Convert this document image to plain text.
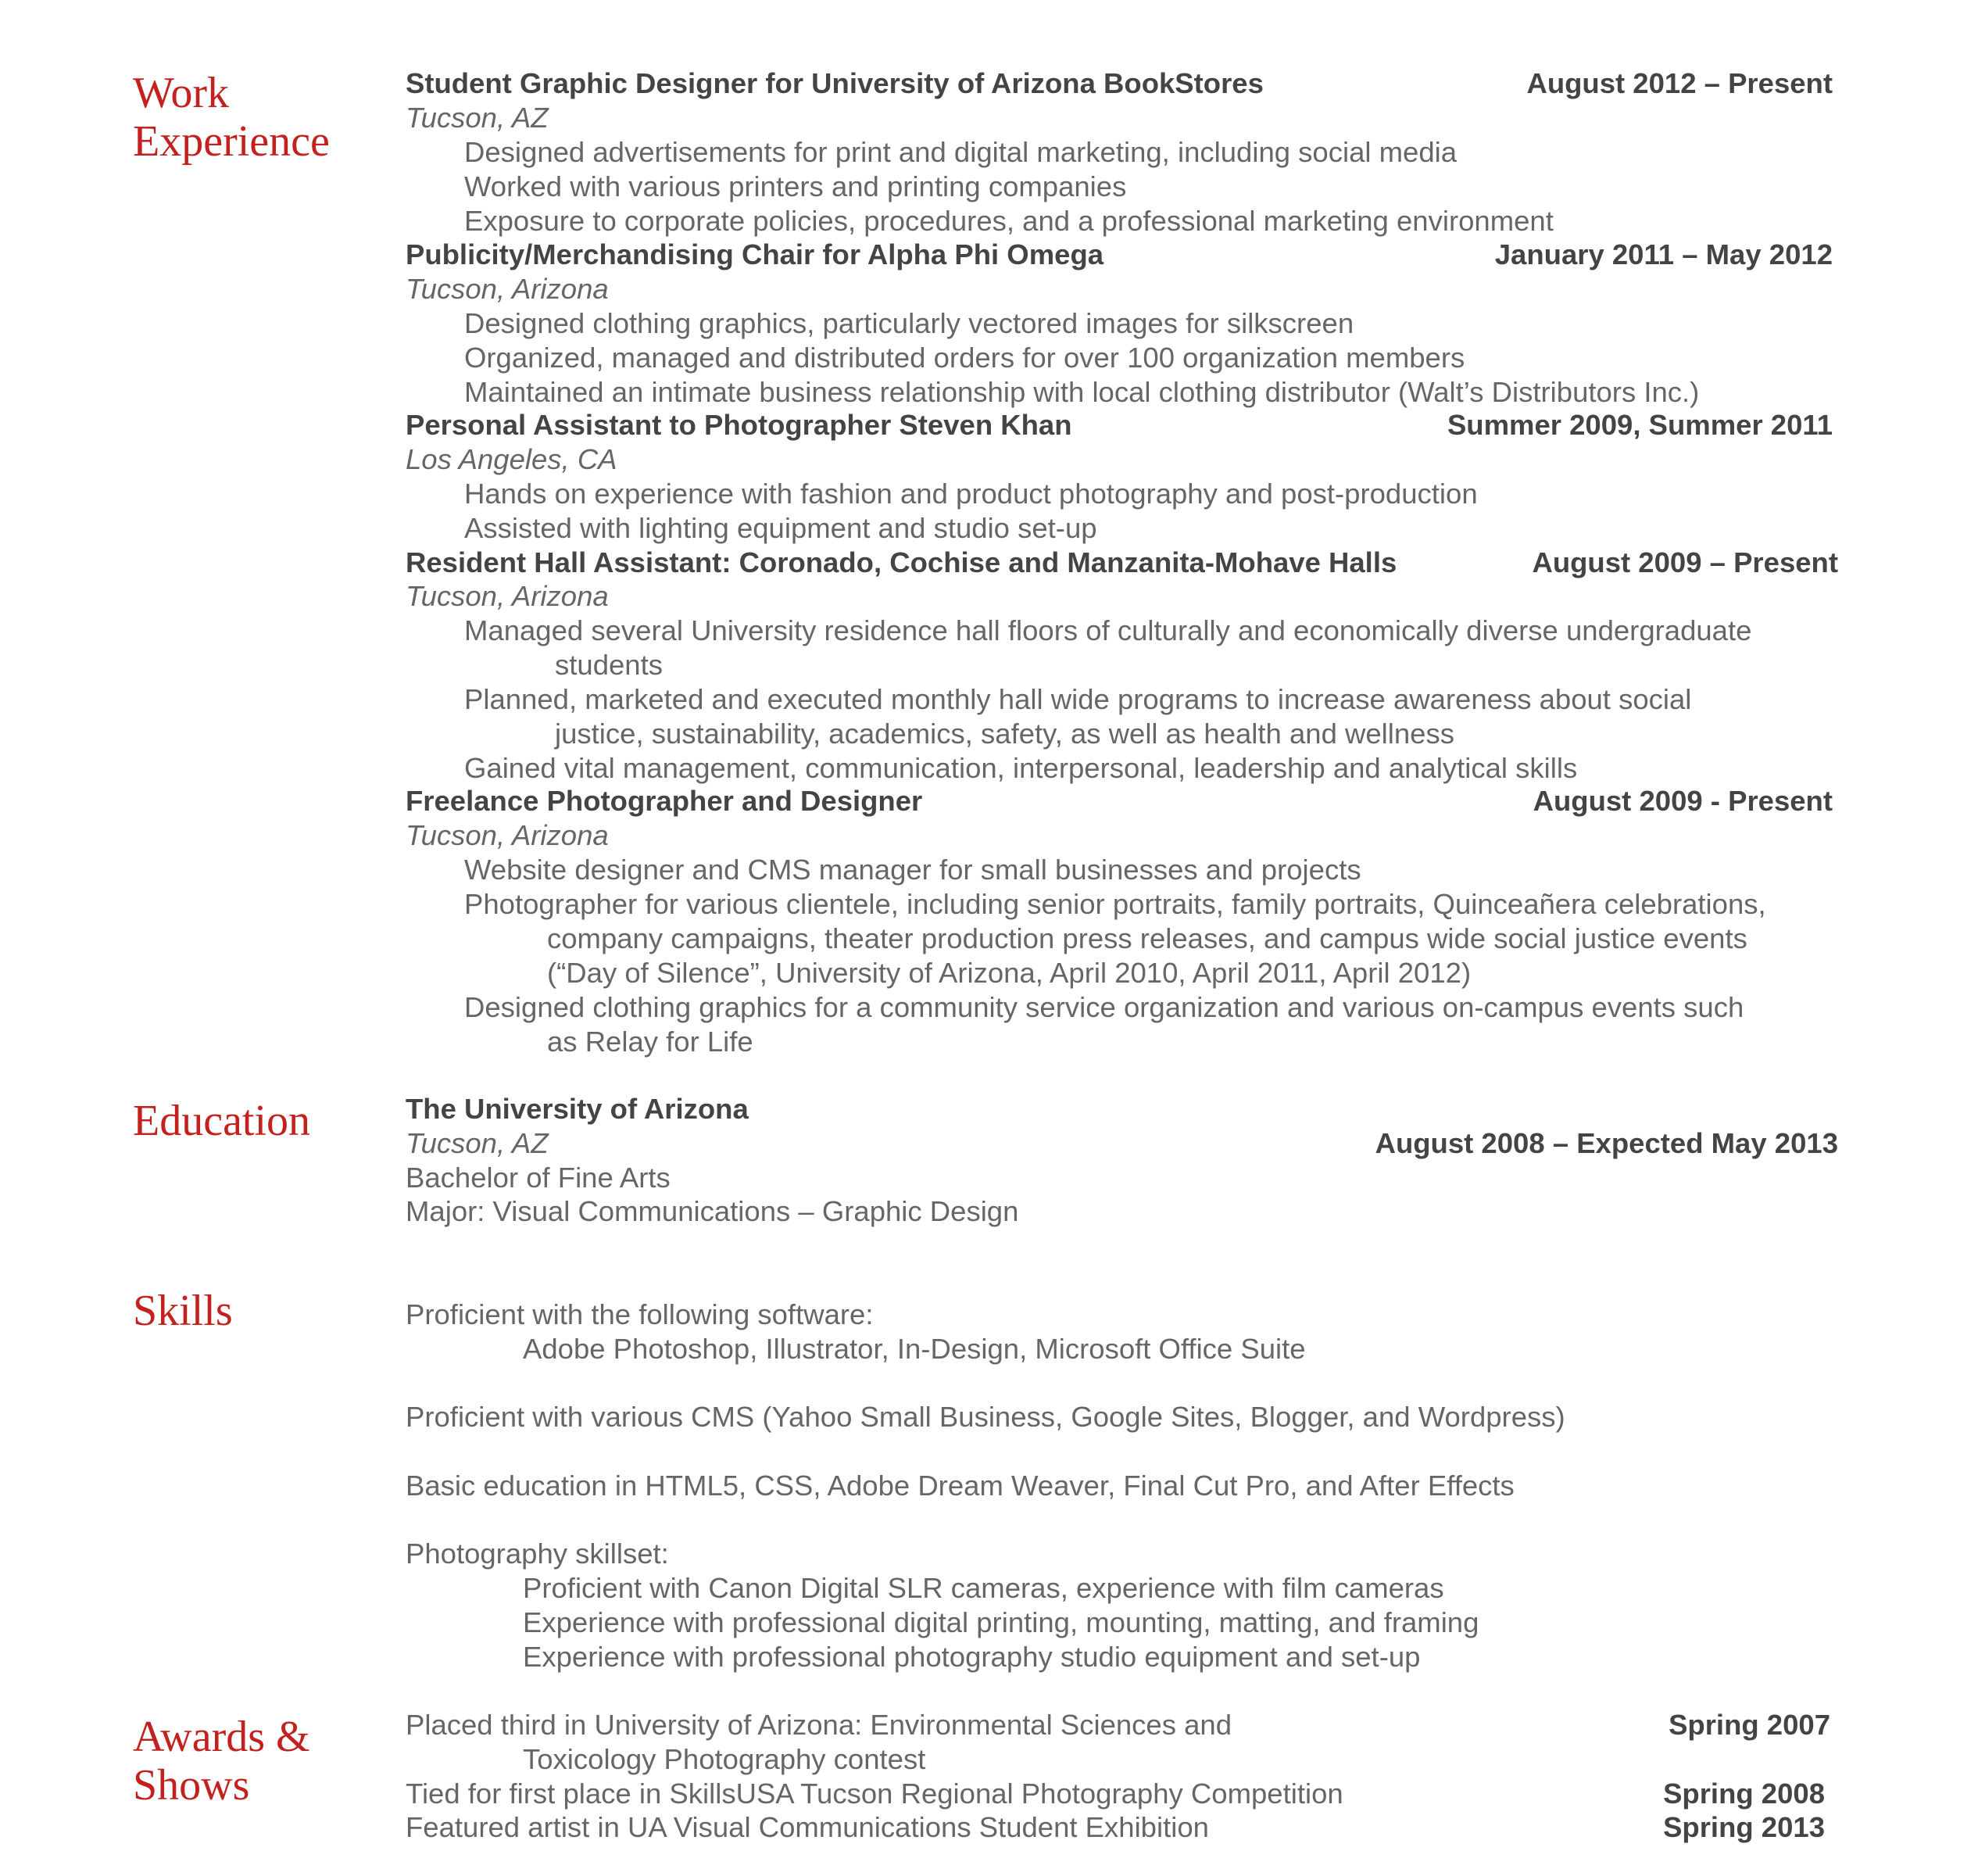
Work
Experience
Education
Skills
Awards &
Shows
Student Graphic Designer for University of Arizona BookStores	August 2012 – Present
Tucson, AZ
Designed advertisements for print and digital marketing, including social media
Worked with various printers and printing companies
Exposure to corporate policies, procedures, and a professional marketing environment
Publicity/Merchandising Chair for Alpha Phi Omega	January 2011 – May 2012
Tucson, Arizona
Designed clothing graphics, particularly vectored images for silkscreen
Organized, managed and distributed orders for over 100 organization members
Maintained an intimate business relationship with local clothing distributor (Walt’s Distributors Inc.)
Personal Assistant to Photographer Steven Khan	Summer 2009, Summer 2011
Los Angeles, CA
Hands on experience with fashion and product photography and post-production
Assisted with lighting equipment and studio set-up
Resident Hall Assistant: Coronado, Cochise and Manzanita-Mohave Halls	August 2009 – Present
Tucson, Arizona
Managed several University residence hall floors of culturally and economically diverse undergraduate
students
Planned, marketed and executed monthly hall wide programs to increase awareness about social
justice, sustainability, academics, safety, as well as health and wellness
Gained vital management, communication, interpersonal, leadership and analytical skills
Freelance Photographer and Designer	August 2009 - Present
Tucson, Arizona
Website designer and CMS manager for small businesses and projects
Photographer for various clientele, including senior portraits, family portraits, Quinceañera celebrations,
company campaigns, theater production press releases, and campus wide social justice events
(“Day of Silence”, University of Arizona, April 2010, April 2011, April 2012)
Designed clothing graphics for a community service organization and various on-campus events such
as Relay for Life
The University of Arizona
Tucson, AZ	August 2008 – Expected May 2013
Bachelor of Fine Arts
Major: Visual Communications – Graphic Design
Proficient with the following software:
Adobe Photoshop, Illustrator, In-Design, Microsoft Office Suite
Proficient with various CMS (Yahoo Small Business, Google Sites, Blogger, and Wordpress)
Basic education in HTML5, CSS, Adobe Dream Weaver, Final Cut Pro, and After Effects
Photography skillset:
Proficient with Canon Digital SLR cameras, experience with film cameras
Experience with professional digital printing, mounting, matting, and framing
Experience with professional photography studio equipment and set-up
Placed third in University of Arizona: Environmental Sciences and	Spring 2007
Toxicology Photography contest
Tied for first place in SkillsUSA Tucson Regional Photography Competition	Spring 2008
Featured artist in UA Visual Communications Student Exhibition	Spring 2013
